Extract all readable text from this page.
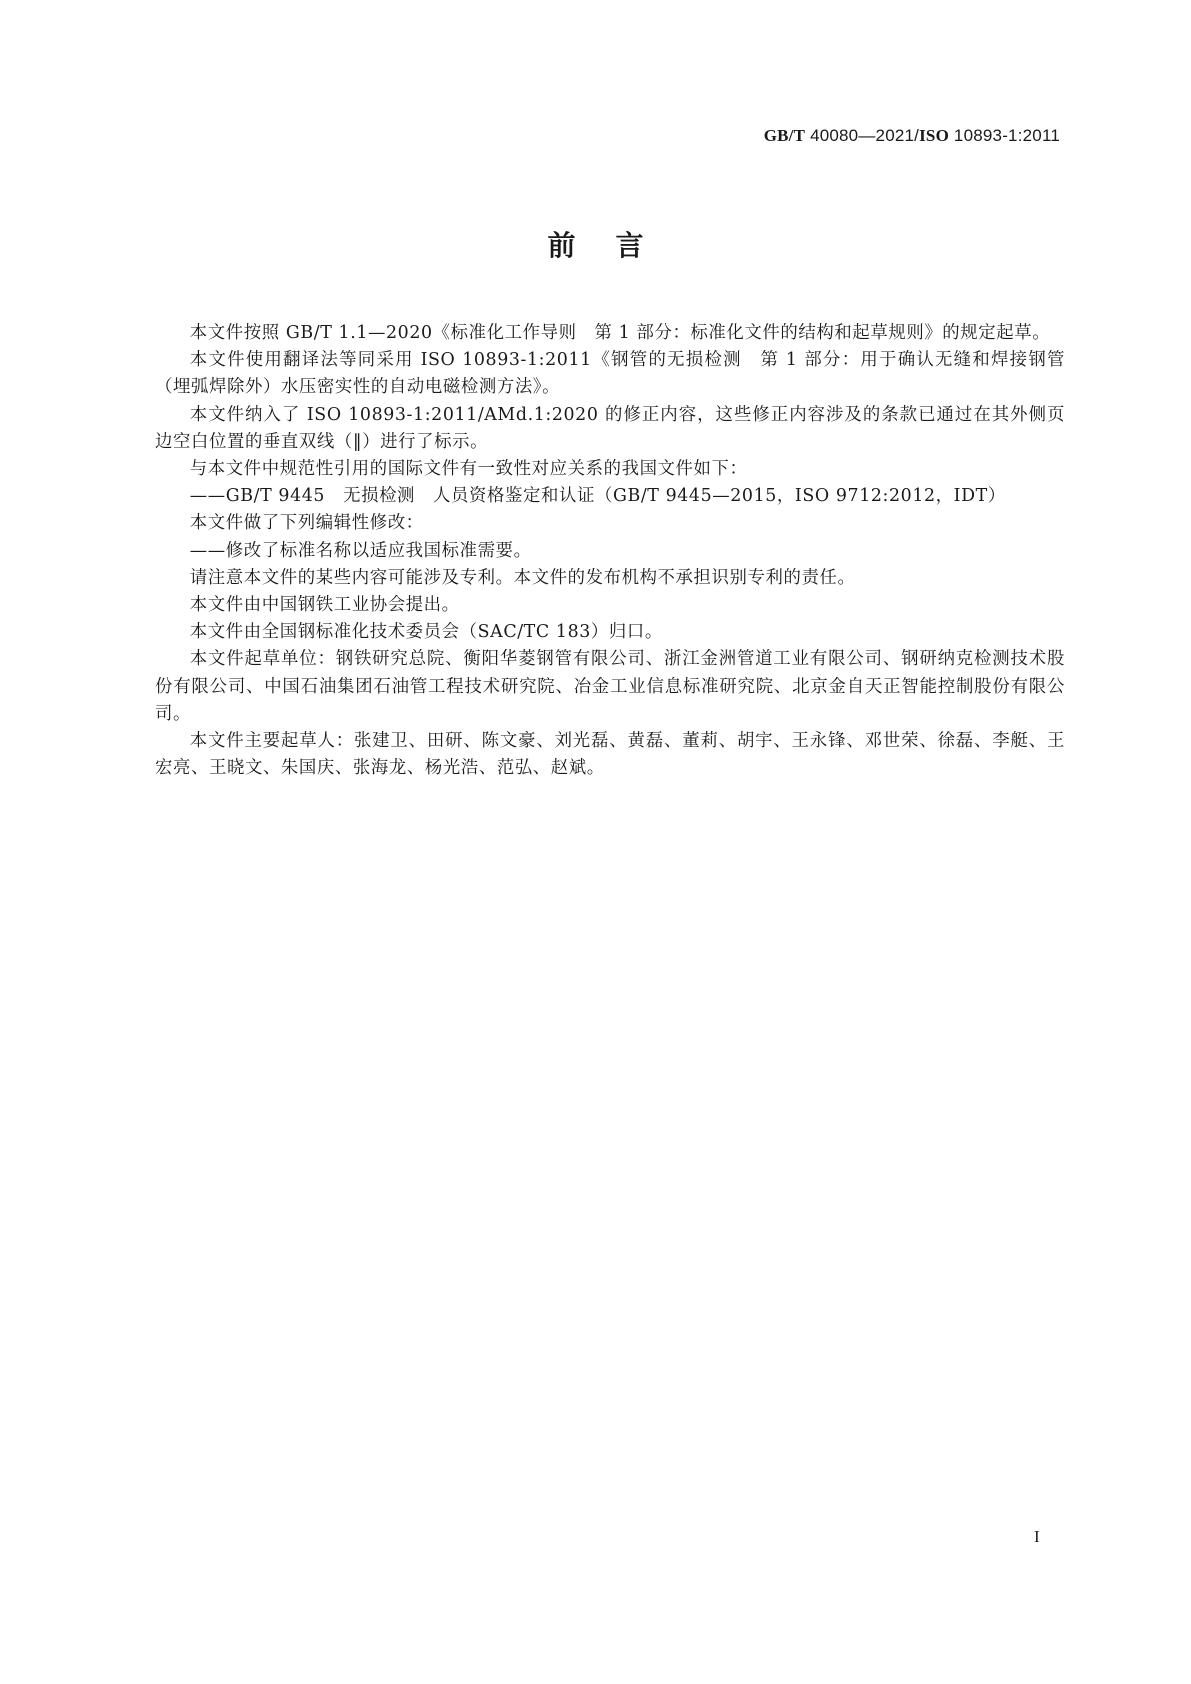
GB/T 40080—2021/ISO 10893-1:2011
前言

本文件按照 GB/T 1.1—2020《标准化工作导则　第 1 部分：标准化文件的结构和起草规则》的规定起草。

本文件使用翻译法等同采用 ISO 10893-1:2011《钢管的无损检测　第 1 部分：用于确认无缝和焊接钢管（埋弧焊除外）水压密实性的自动电磁检测方法》。

本文件纳入了 ISO 10893-1:2011/AMd.1:2020 的修正内容，这些修正内容涉及的条款已通过在其外侧页边空白位置的垂直双线（‖）进行了标示。

与本文件中规范性引用的国际文件有一致性对应关系的我国文件如下：

——GB/T 9445　无损检测　人员资格鉴定和认证（GB/T 9445—2015，ISO 9712:2012，IDT）

本文件做了下列编辑性修改：

——修改了标准名称以适应我国标准需要。

请注意本文件的某些内容可能涉及专利。本文件的发布机构不承担识别专利的责任。

本文件由中国钢铁工业协会提出。

本文件由全国钢标准化技术委员会（SAC/TC 183）归口。

本文件起草单位：钢铁研究总院、衡阳华菱钢管有限公司、浙江金洲管道工业有限公司、钢研纳克检测技术股份有限公司、中国石油集团石油管工程技术研究院、冶金工业信息标准研究院、北京金自天正智能控制股份有限公司。

本文件主要起草人：张建卫、田研、陈文豪、刘光磊、黄磊、董莉、胡宇、王永锋、邓世荣、徐磊、李艇、王宏亮、王晓文、朱国庆、张海龙、杨光浩、范弘、赵斌。

I
